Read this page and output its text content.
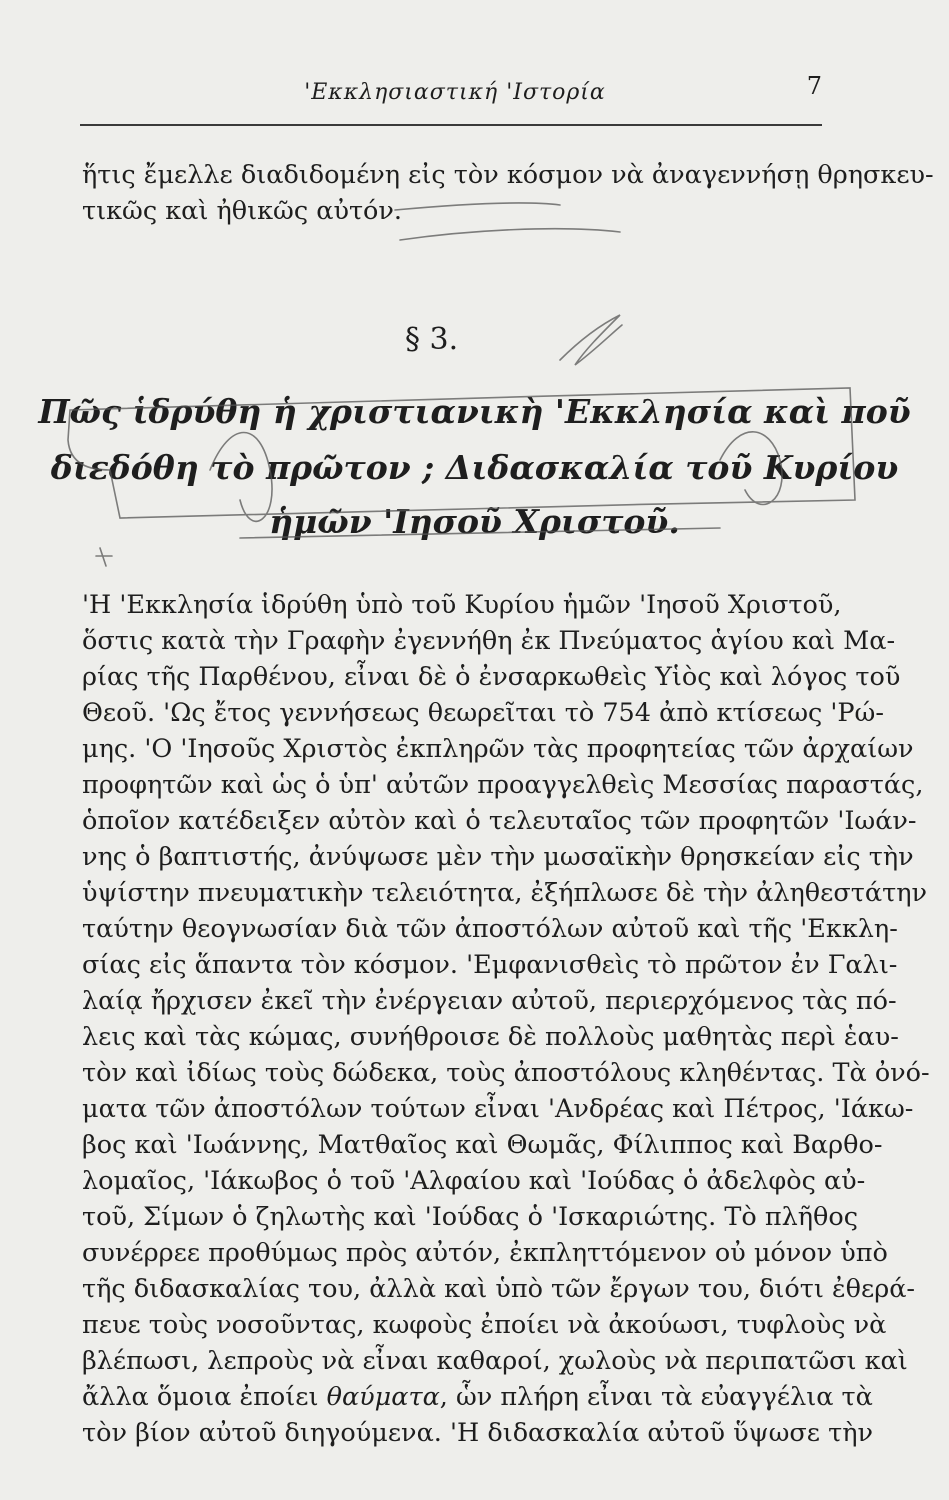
'Εκκλησιαστική 'Ιστορία	7
ἥτις ἔμελλε διαδιδομένη εἰς τὸν κόσμον νὰ ἀναγεννήσῃ θρησκευ-
τικῶς καὶ ἠθικῶς αὐτόν.
§ 3.
Πῶς ἱδρύθη ἡ χριστιανικὴ 'Εκκλησία καὶ ποῦ
διεδόθη τὸ πρῶτον ; Διδασκαλία τοῦ Κυρίου
ἡμῶν 'Ιησοῦ Χριστοῦ.
'Η 'Εκκλησία ἱδρύθη ὑπὸ τοῦ Κυρίου ἡμῶν 'Ιησοῦ Χριστοῦ,
ὅστις κατὰ τὴν Γραφὴν ἐγεννήθη ἐκ Πνεύματος ἁγίου καὶ Μα-
ρίας τῆς Παρθένου, εἶναι δὲ ὁ ἐνσαρκωθεὶς Υἱὸς καὶ λόγος τοῦ
Θεοῦ. 'Ως ἔτος γεννήσεως θεωρεῖται τὸ 754 ἀπὸ κτίσεως 'Ρώ-
μης. 'Ο 'Ιησοῦς Χριστὸς ἐκπληρῶν τὰς προφητείας τῶν ἀρχαίων
προφητῶν καὶ ὡς ὁ ὑπ' αὐτῶν προαγγελθεὶς Μεσσίας παραστάς,
ὁποῖον κατέδειξεν αὐτὸν καὶ ὁ τελευταῖος τῶν προφητῶν 'Ιωάν-
νης ὁ βαπτιστής, ἀνύψωσε μὲν τὴν μωσαϊκὴν θρησκείαν εἰς τὴν
ὑψίστην πνευματικὴν τελειότητα, ἐξήπλωσε δὲ τὴν ἀληθεστάτην
ταύτην θεογνωσίαν διὰ τῶν ἀποστόλων αὐτοῦ καὶ τῆς 'Εκκλη-
σίας εἰς ἅπαντα τὸν κόσμον. 'Εμφανισθεὶς τὸ πρῶτον ἐν Γαλι-
λαίᾳ ἤρχισεν ἐκεῖ τὴν ἐνέργειαν αὐτοῦ, περιερχόμενος τὰς πό-
λεις καὶ τὰς κώμας, συνήθροισε δὲ πολλοὺς μαθητὰς περὶ ἑαυ-
τὸν καὶ ἰδίως τοὺς δώδεκα, τοὺς ἀποστόλους κληθέντας. Τὰ ὀνό-
ματα τῶν ἀποστόλων τούτων εἶναι 'Ανδρέας καὶ Πέτρος, 'Ιάκω-
βος καὶ 'Ιωάννης, Ματθαῖος καὶ Θωμᾶς, Φίλιππος καὶ Βαρθο-
λομαῖος, 'Ιάκωβος ὁ τοῦ 'Αλφαίου καὶ 'Ιούδας ὁ ἀδελφὸς αὐ-
τοῦ, Σίμων ὁ ζηλωτὴς καὶ 'Ιούδας ὁ 'Ισκαριώτης. Τὸ πλῆθος
συνέρρεε προθύμως πρὸς αὐτόν, ἐκπληττόμενον οὐ μόνον ὑπὸ
τῆς διδασκαλίας του, ἀλλὰ καὶ ὑπὸ τῶν ἔργων του, διότι ἐθερά-
πευε τοὺς νοσοῦντας, κωφοὺς ἐποίει νὰ ἀκούωσι, τυφλοὺς νὰ
βλέπωσι, λεπροὺς νὰ εἶναι καθαροί, χωλοὺς νὰ περιπατῶσι καὶ
ἄλλα ὅμοια ἐποίει θαύματα, ὧν πλήρη εἶναι τὰ εὐαγγέλια τὰ
τὸν βίον αὐτοῦ διηγούμενα. 'Η διδασκαλία αὐτοῦ ὕψωσε τὴν
